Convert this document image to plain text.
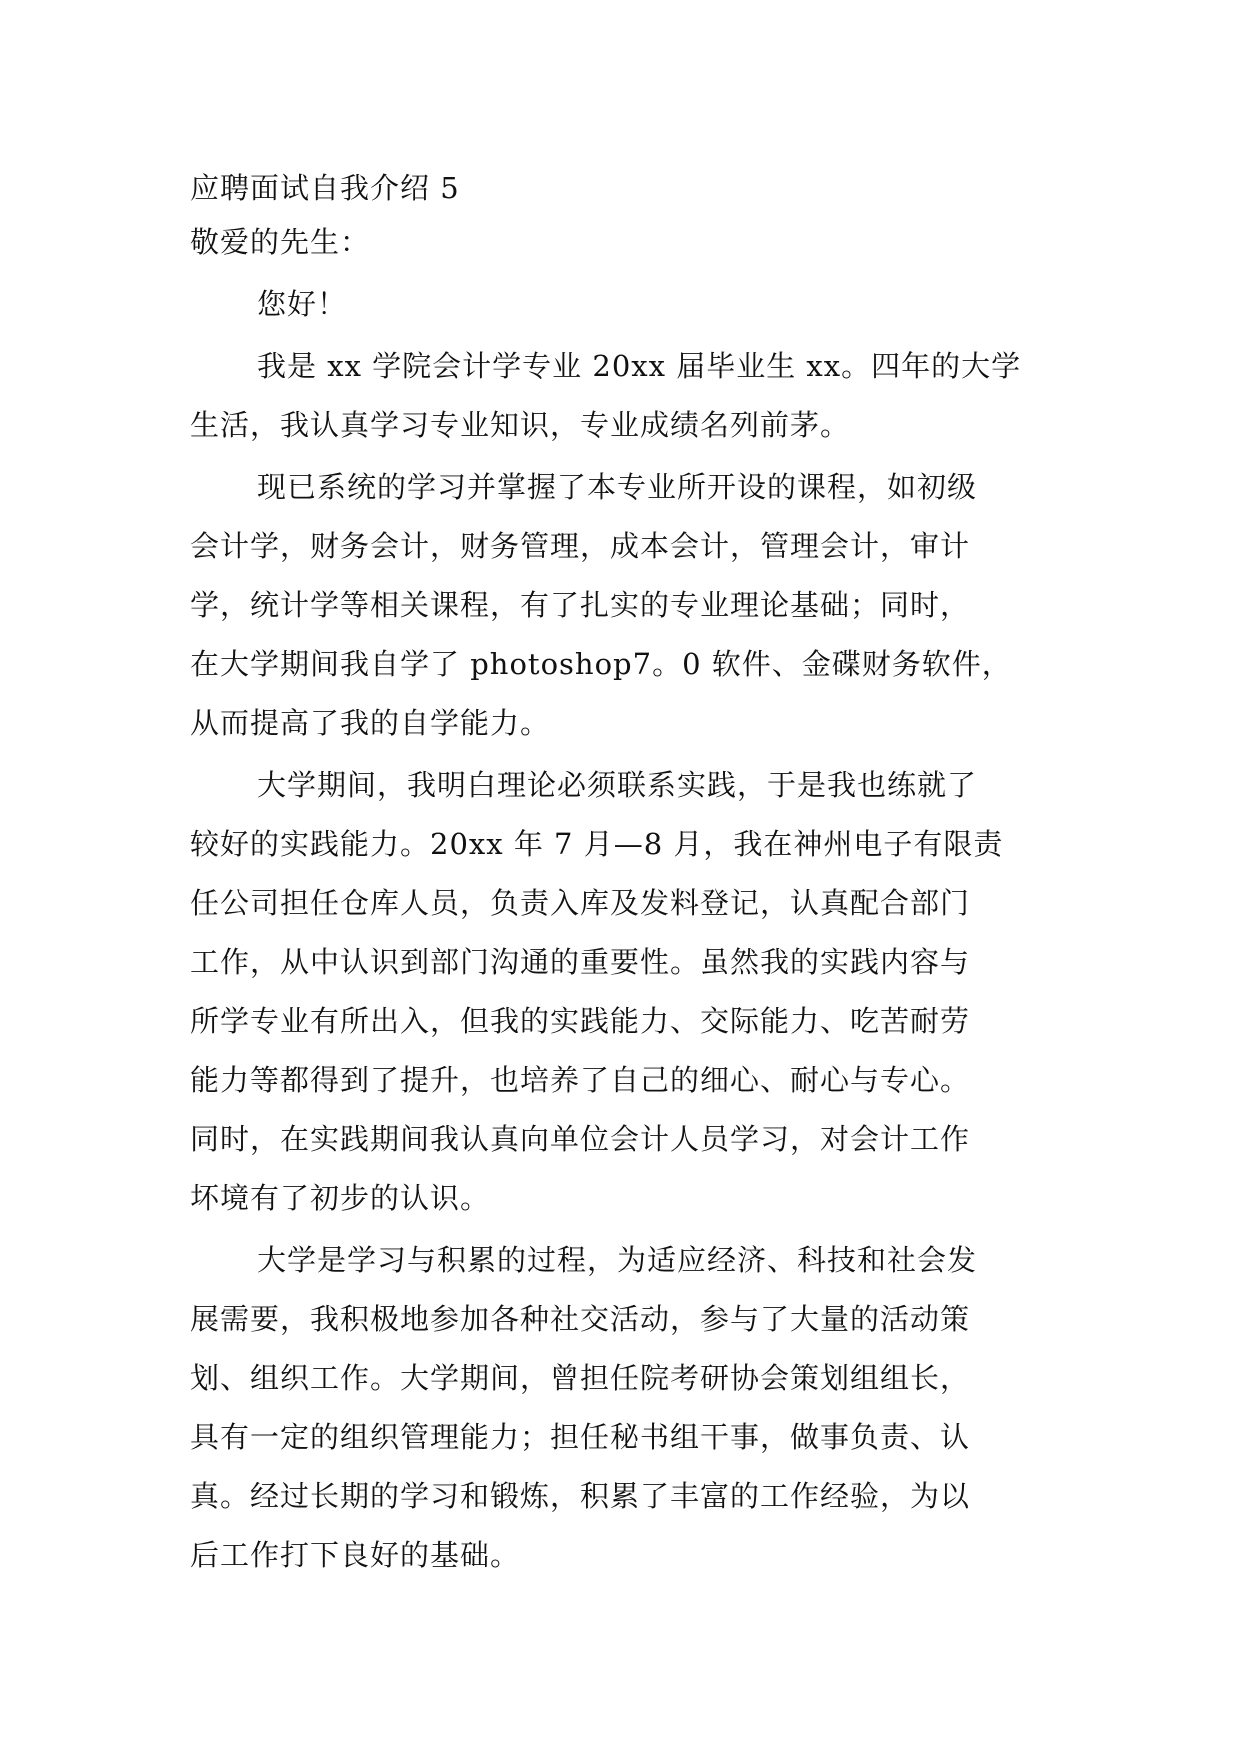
应聘面试自我介绍 5
敬爱的先生：
您好！
我是 xx 学院会计学专业 20xx 届毕业生 xx。四年的大学
生活，我认真学习专业知识，专业成绩名列前茅。
现已系统的学习并掌握了本专业所开设的课程，如初级
会计学，财务会计，财务管理，成本会计，管理会计，审计
学，统计学等相关课程，有了扎实的专业理论基础；同时，
在大学期间我自学了 photoshop7。0 软件、金碟财务软件，
从而提高了我的自学能力。
大学期间，我明白理论必须联系实践，于是我也练就了
较好的实践能力。20xx 年 7 月—8 月，我在神州电子有限责
任公司担任仓库人员，负责入库及发料登记，认真配合部门
工作，从中认识到部门沟通的重要性。虽然我的实践内容与
所学专业有所出入，但我的实践能力、交际能力、吃苦耐劳
能力等都得到了提升，也培养了自己的细心、耐心与专心。
同时，在实践期间我认真向单位会计人员学习，对会计工作
坏境有了初步的认识。
大学是学习与积累的过程，为适应经济、科技和社会发
展需要，我积极地参加各种社交活动，参与了大量的活动策
划、组织工作。大学期间，曾担任院考研协会策划组组长，
具有一定的组织管理能力；担任秘书组干事，做事负责、认
真。经过长期的学习和锻炼，积累了丰富的工作经验，为以
后工作打下良好的基础。
